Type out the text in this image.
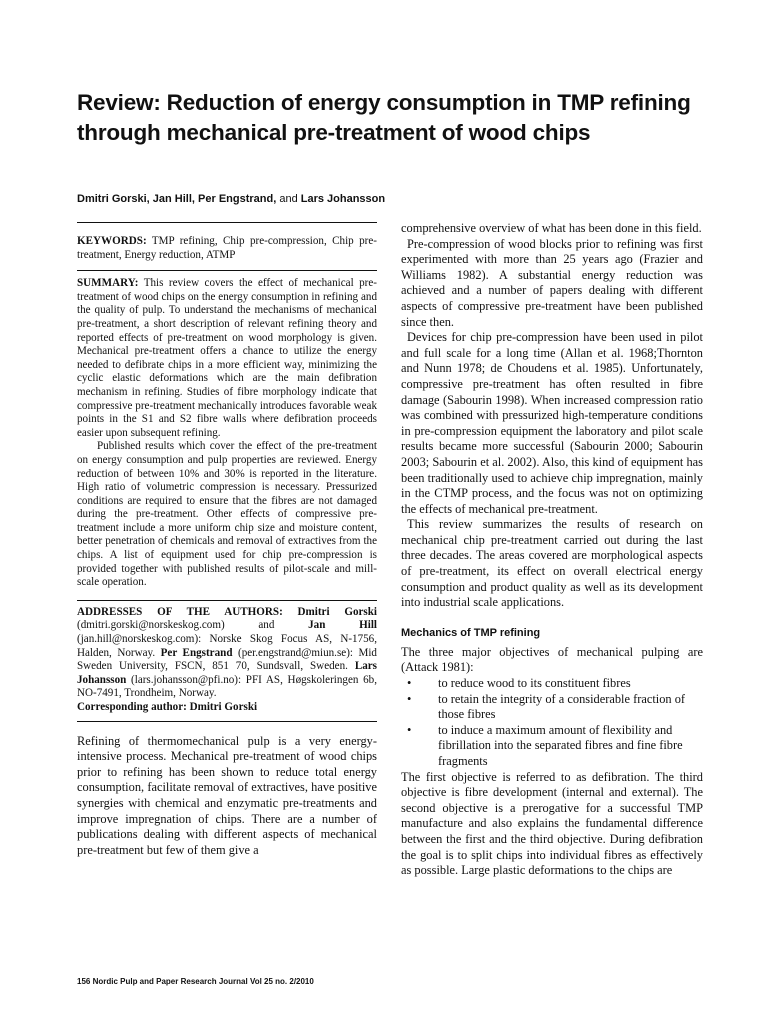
Review: Reduction of energy consumption in TMP refining through mechanical pre-treatment of wood chips
Dmitri Gorski, Jan Hill, Per Engstrand, and Lars Johansson

KEYWORDS: TMP refining, Chip pre-compression, Chip pre-treatment, Energy reduction, ATMP

SUMMARY: This review covers the effect of mechanical pre-treatment of wood chips on the energy consumption in refining and the quality of pulp. To understand the mechanisms of mechanical pre-treatment, a short description of relevant refining theory and reported effects of pre-treatment on wood morphology is given. Mechanical pre-treatment offers a chance to utilize the energy needed to defibrate chips in a more efficient way, minimizing the cyclic elastic deformations which are the main defibration mechanism in refining. Studies of fibre morphology indicate that compressive pre-treatment mechanically introduces favorable weak points in the S1 and S2 fibre walls where defibration proceeds easier upon subsequent refining.

Published results which cover the effect of the pre-treatment on energy consumption and pulp properties are reviewed. Energy reduction of between 10% and 30% is reported in the literature. High ratio of volumetric compression is necessary. Pressurized conditions are required to ensure that the fibres are not damaged during the pre-treatment. Other effects of compressive pre-treatment include a more uniform chip size and moisture content, better penetration of chemicals and removal of extractives from the chips. A list of equipment used for chip pre-compression is provided together with published results of pilot-scale and mill-scale operation.

ADDRESSES OF THE AUTHORS: Dmitri Gorski (dmitri.gorski@norskeskog.com) and Jan Hill (jan.hill@norskeskog.com): Norske Skog Focus AS, N-1756, Halden, Norway. Per Engstrand (per.engstrand@miun.se): Mid Sweden University, FSCN, 851 70, Sundsvall, Sweden. Lars Johansson (lars.johansson@pfi.no): PFI AS, Høgskoleringen 6b, NO-7491, Trondheim, Norway.

Corresponding author: Dmitri Gorski

Refining of thermomechanical pulp is a very energy-intensive process. Mechanical pre-treatment of wood chips prior to refining has been shown to reduce total energy consumption, facilitate removal of extractives, have positive synergies with chemical and enzymatic pre-treatments and improve impregnation of chips. There are a number of publications dealing with different aspects of mechanical pre-treatment but few of them give a

comprehensive overview of what has been done in this field.

Pre-compression of wood blocks prior to refining was first experimented with more than 25 years ago (Frazier and Williams 1982). A substantial energy reduction was achieved and a number of papers dealing with different aspects of compressive pre-treatment have been published since then.

Devices for chip pre-compression have been used in pilot and full scale for a long time (Allan et al. 1968;Thornton and Nunn 1978; de Choudens et al. 1985). Unfortunately, compressive pre-treatment has often resulted in fibre damage (Sabourin 1998). When increased compression ratio was combined with pressurized high-temperature conditions in pre-compression equipment the laboratory and pilot scale results became more successful (Sabourin 2000; Sabourin 2003; Sabourin et al. 2002). Also, this kind of equipment has been traditionally used to achieve chip impregnation, mainly in the CTMP process, and the focus was not on optimizing the effects of mechanical pre-treatment.

This review summarizes the results of research on mechanical chip pre-treatment carried out during the last three decades. The areas covered are morphological aspects of pre-treatment, its effect on overall electrical energy consumption and product quality as well as its development into industrial scale applications.

Mechanics of TMP refining

The three major objectives of mechanical pulping are (Attack 1981):

• to reduce wood to its constituent fibres
• to retain the integrity of a considerable fraction of those fibres
• to induce a maximum amount of flexibility and fibrillation into the separated fibres and fine fibre fragments

The first objective is referred to as defibration. The third objective is fibre development (internal and external). The second objective is a prerogative for a successful TMP manufacture and also explains the fundamental difference between the first and the third objective. During defibration the goal is to split chips into individual fibres as effectively as possible. Large plastic deformations to the chips are

156 Nordic Pulp and Paper Research Journal Vol 25 no. 2/2010
